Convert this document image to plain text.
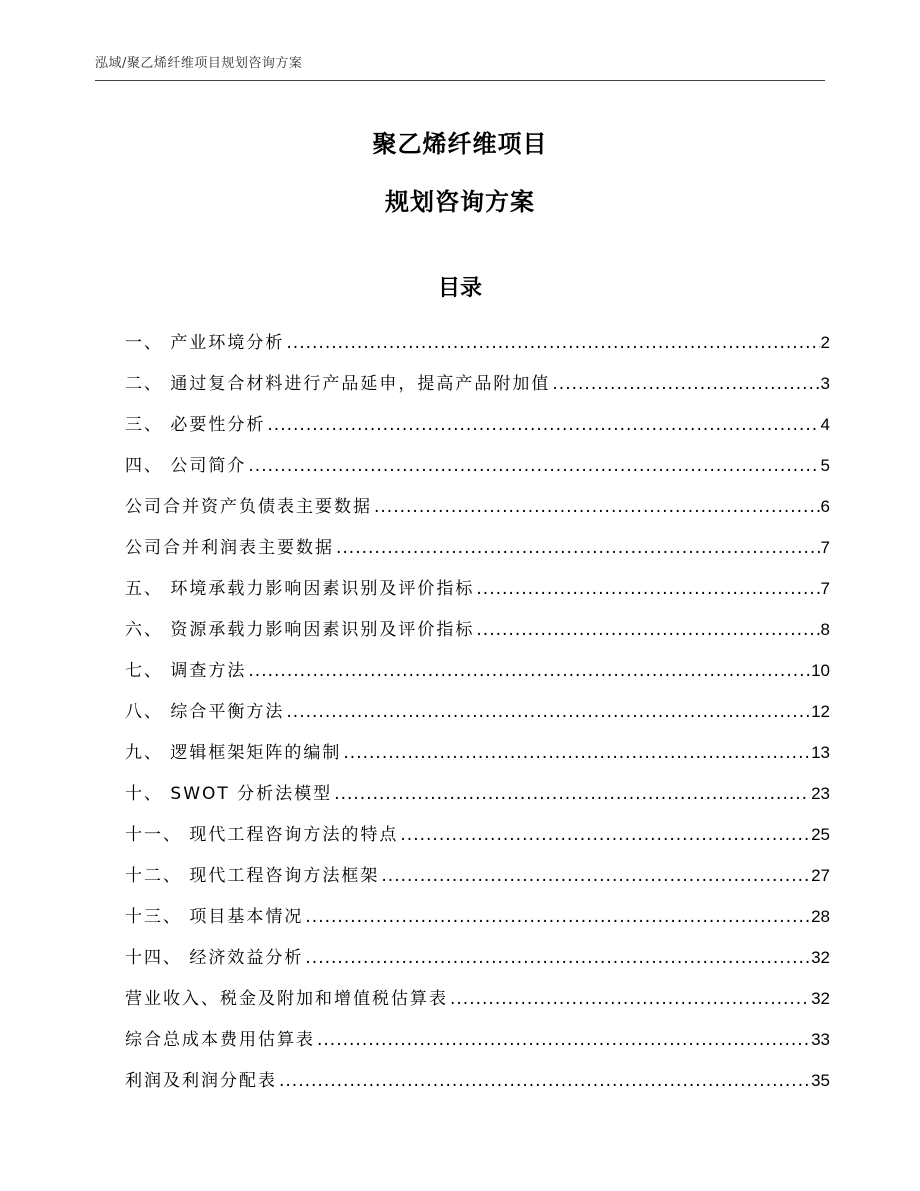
泓域/聚乙烯纤维项目规划咨询方案
聚乙烯纤维项目
规划咨询方案
目录
一、 产业环境分析 .....	2
二、 通过复合材料进行产品延申，提高产品附加值 .....	3
三、 必要性分析 .....	4
四、 公司简介 .....	5
公司合并资产负债表主要数据 .....	6
公司合并利润表主要数据 .....	7
五、 环境承载力影响因素识别及评价指标 .....	7
六、 资源承载力影响因素识别及评价指标 .....	8
七、 调查方法 .....	10
八、 综合平衡方法 .....	12
九、 逻辑框架矩阵的编制 .....	13
十、 SWOT 分析法模型 .....	23
十一、 现代工程咨询方法的特点 .....	25
十二、 现代工程咨询方法框架 .....	27
十三、 项目基本情况 .....	28
十四、 经济效益分析 .....	32
营业收入、税金及附加和增值税估算表 .....	32
综合总成本费用估算表 .....	33
利润及利润分配表 .....	35
